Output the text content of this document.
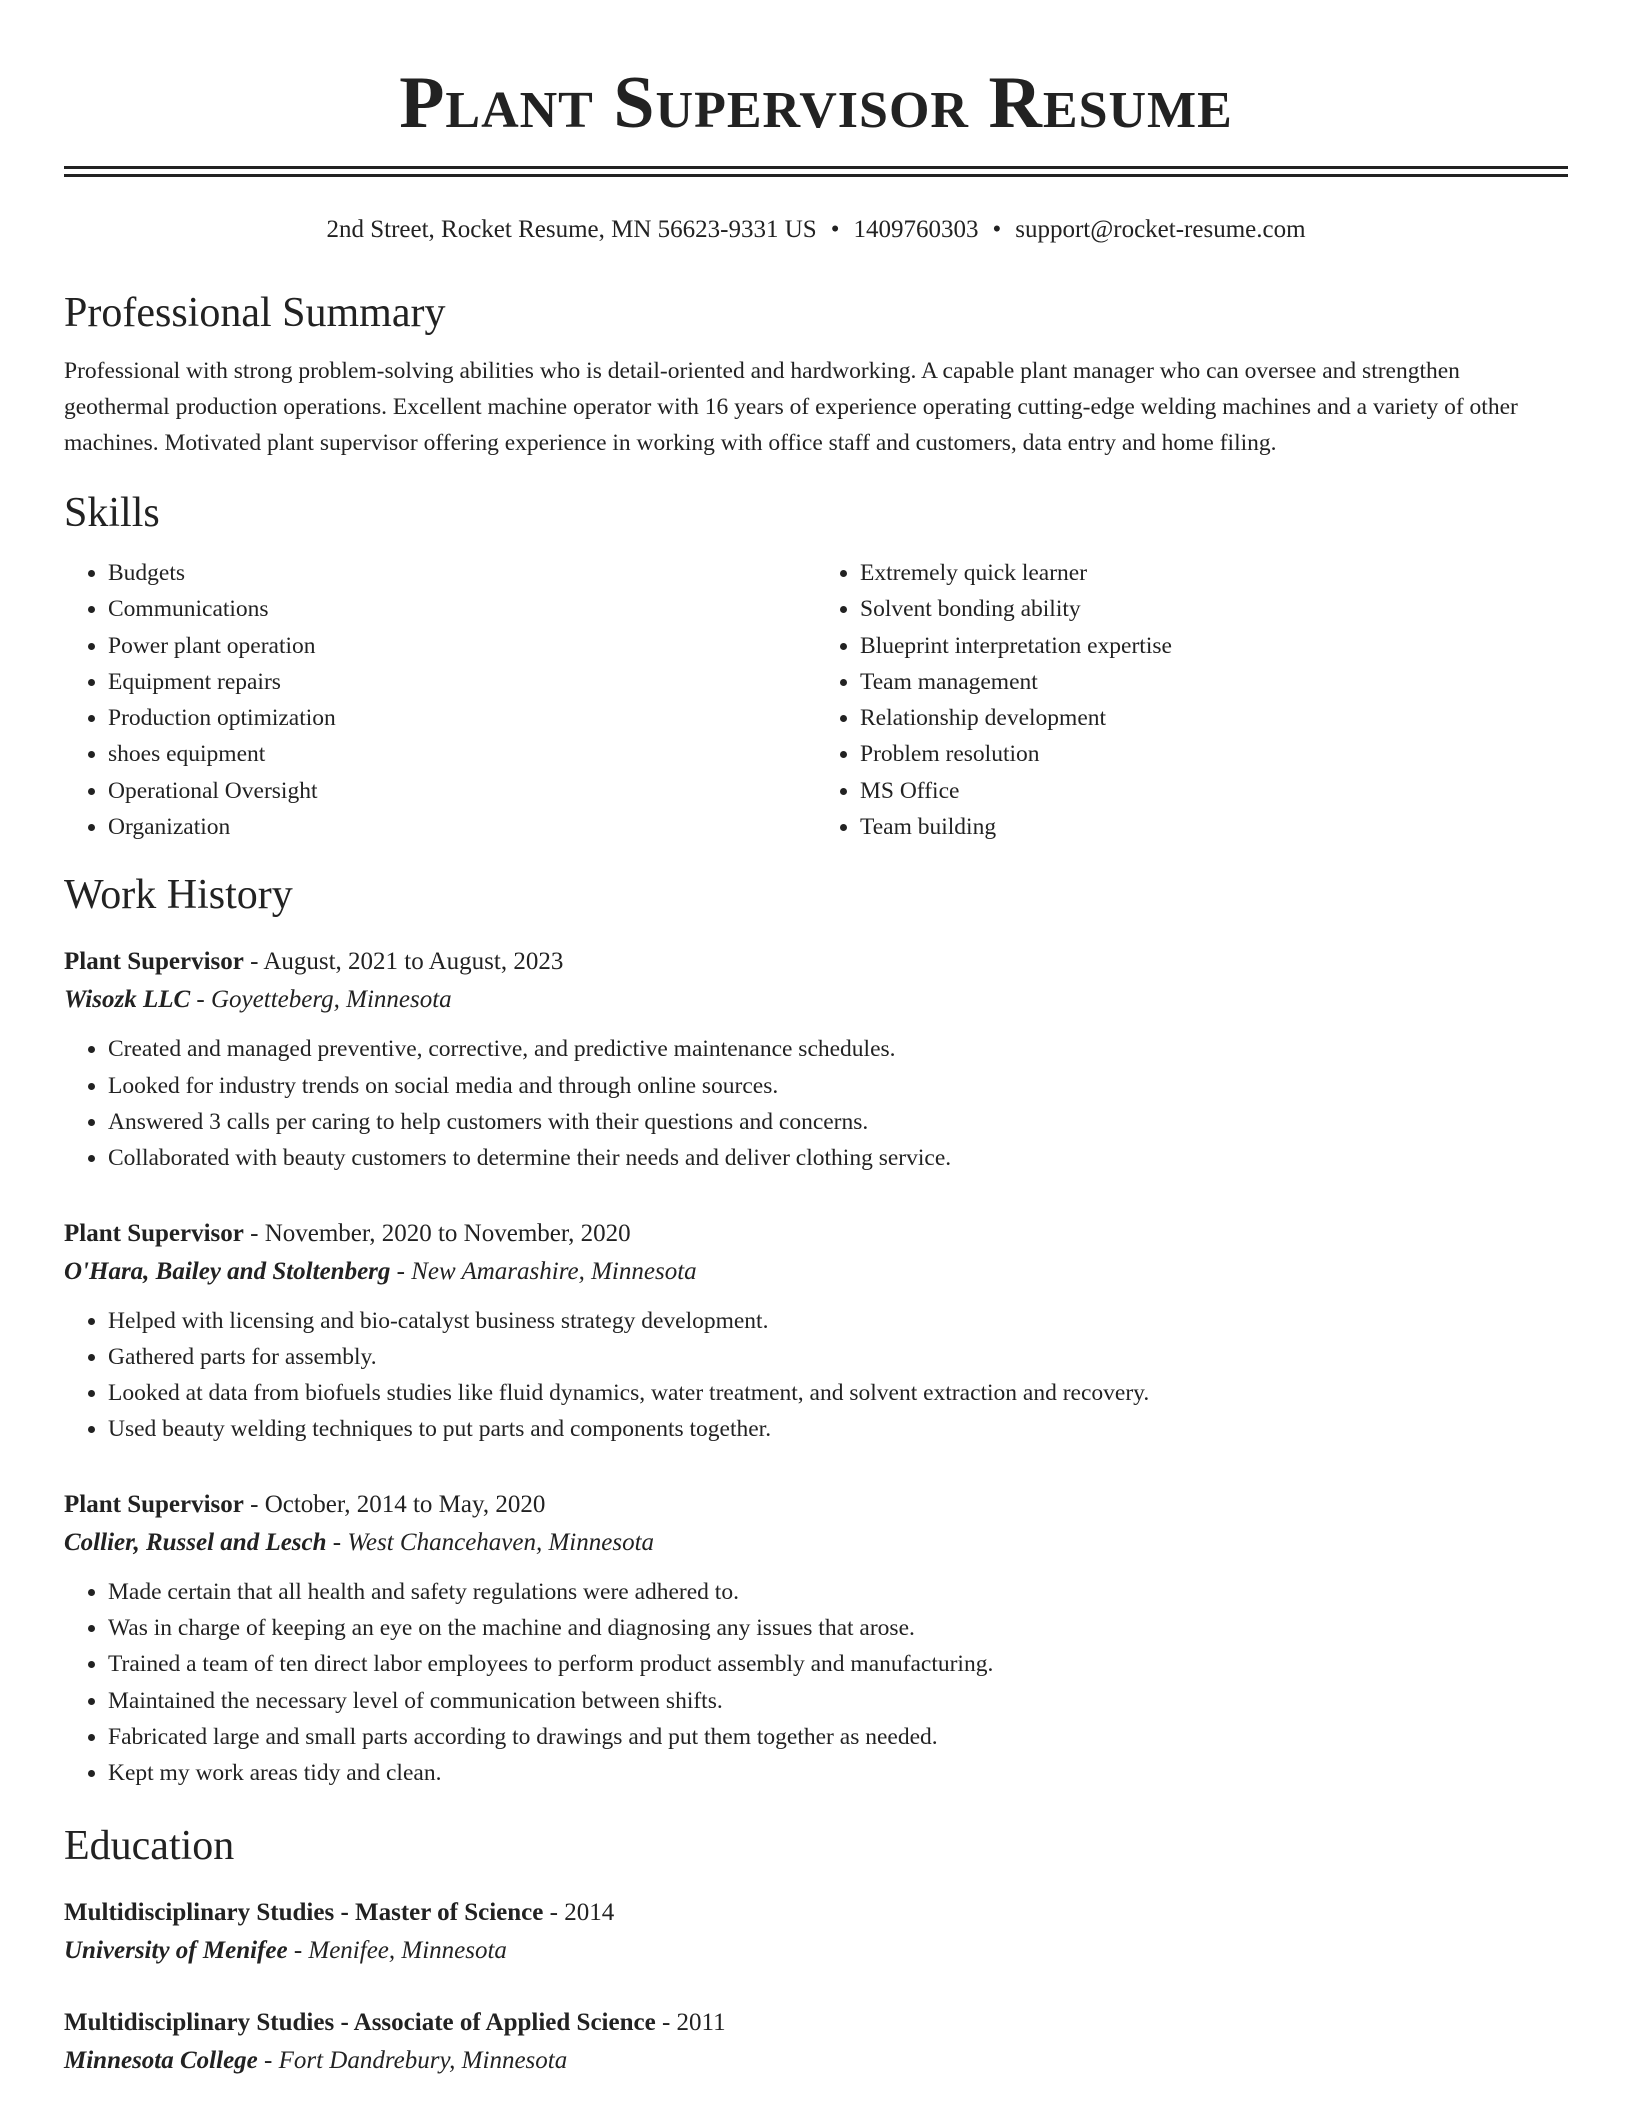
Plant Supervisor Resume
2nd Street, Rocket Resume, MN 56623-9331 US • 1409760303 • support@rocket-resume.com
Professional Summary

Professional with strong problem-solving abilities who is detail-oriented and hardworking. A capable plant manager who can oversee and strengthen geothermal production operations. Excellent machine operator with 16 years of experience operating cutting-edge welding machines and a variety of other machines. Motivated plant supervisor offering experience in working with office staff and customers, data entry and home filing.

Skills
• Budgets
• Communications
• Power plant operation
• Equipment repairs
• Production optimization
• shoes equipment
• Operational Oversight
• Organization
• Extremely quick learner
• Solvent bonding ability
• Blueprint interpretation expertise
• Team management
• Relationship development
• Problem resolution
• MS Office
• Team building
Work History
Plant Supervisor - August, 2021 to August, 2023
Wisozk LLC - Goyetteberg, Minnesota
• Created and managed preventive, corrective, and predictive maintenance schedules.
• Looked for industry trends on social media and through online sources.
• Answered 3 calls per caring to help customers with their questions and concerns.
• Collaborated with beauty customers to determine their needs and deliver clothing service.
Plant Supervisor - November, 2020 to November, 2020
O'Hara, Bailey and Stoltenberg - New Amarashire, Minnesota
• Helped with licensing and bio-catalyst business strategy development.
• Gathered parts for assembly.
• Looked at data from biofuels studies like fluid dynamics, water treatment, and solvent extraction and recovery.
• Used beauty welding techniques to put parts and components together.
Plant Supervisor - October, 2014 to May, 2020
Collier, Russel and Lesch - West Chancehaven, Minnesota
• Made certain that all health and safety regulations were adhered to.
• Was in charge of keeping an eye on the machine and diagnosing any issues that arose.
• Trained a team of ten direct labor employees to perform product assembly and manufacturing.
• Maintained the necessary level of communication between shifts.
• Fabricated large and small parts according to drawings and put them together as needed.
• Kept my work areas tidy and clean.
Education
Multidisciplinary Studies - Master of Science - 2014
University of Menifee - Menifee, Minnesota
Multidisciplinary Studies - Associate of Applied Science - 2011
Minnesota College - Fort Dandrebury, Minnesota
